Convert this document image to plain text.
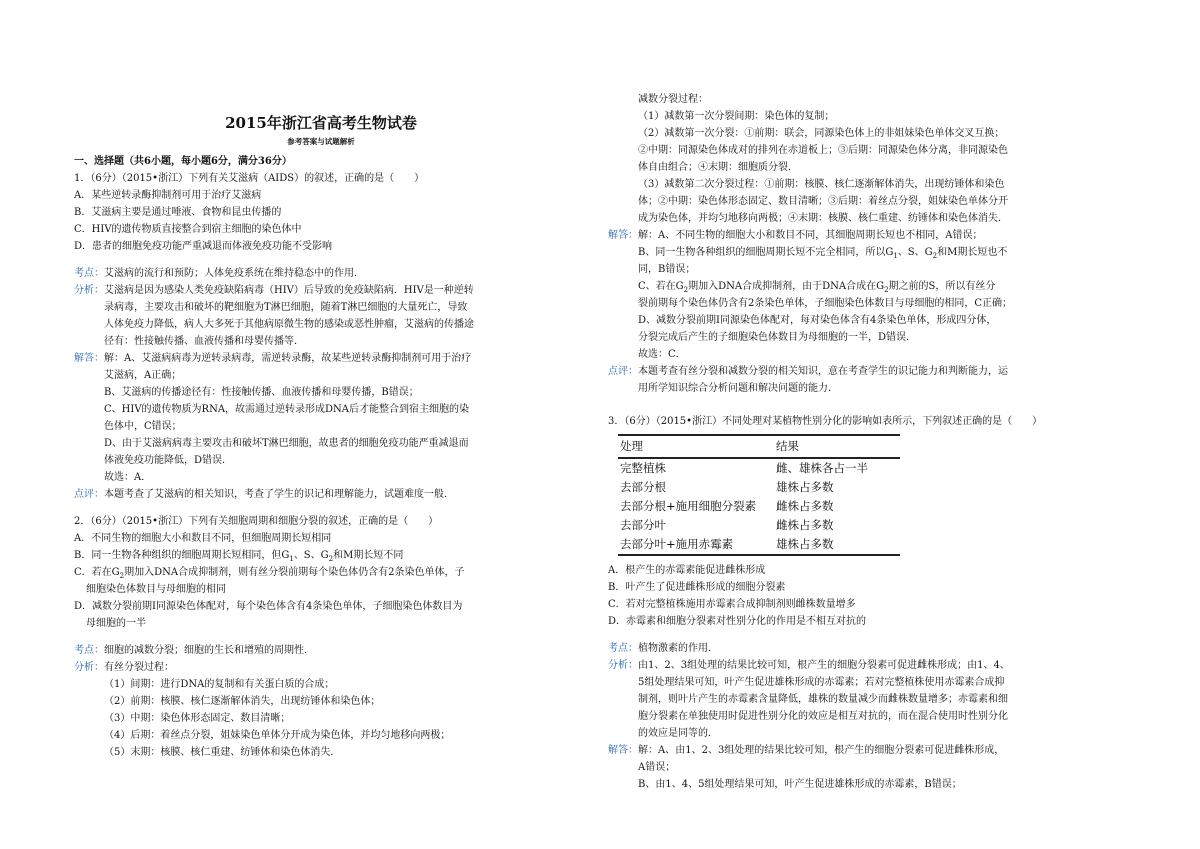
2015年浙江省高考生物试卷
参考答案与试题解析

一、选择题（共6小题，每小题6分，满分36分）

1．（6分）（2015•浙江）下列有关艾滋病（AIDS）的叙述，正确的是（　　）

A．某些逆转录酶抑制剂可用于治疗艾滋病

B．艾滋病主要是通过唾液、食物和昆虫传播的

C．HIV的遗传物质直接整合到宿主细胞的染色体中

D．患者的细胞免疫功能严重减退而体液免疫功能不受影响

考点：艾滋病的流行和预防；人体免疫系统在维持稳态中的作用．

分析：艾滋病是因为感染人类免疫缺陷病毒（HIV）后导致的免疫缺陷病．HIV是一种逆转

录病毒，主要攻击和破坏的靶细胞为T淋巴细胞，随着T淋巴细胞的大量死亡，导致

人体免疫力降低，病人大多死于其他病原微生物的感染或恶性肿瘤，艾滋病的传播途

径有：性接触传播、血液传播和母婴传播等．

解答：解：A、艾滋病病毒为逆转录病毒，需逆转录酶，故某些逆转录酶抑制剂可用于治疗

艾滋病，A正确；

B、艾滋病的传播途径有：性接触传播、血液传播和母婴传播，B错误；

C、HIV的遗传物质为RNA，故需通过逆转录形成DNA后才能整合到宿主细胞的染

色体中，C错误；

D、由于艾滋病病毒主要攻击和破坏T淋巴细胞，故患者的细胞免疫功能严重减退而

体液免疫功能降低，D错误．

故选：A．

点评：本题考查了艾滋病的相关知识，考查了学生的识记和理解能力，试题难度一般．

2．（6分）（2015•浙江）下列有关细胞周期和细胞分裂的叙述，正确的是（　　）

A．不同生物的细胞大小和数目不同，但细胞周期长短相同

B．同一生物各种组织的细胞周期长短相同，但$G_1$、S、$G_2$和M期长短不同

C．若在$G_2$期加入DNA合成抑制剂，则有丝分裂前期每个染色体仍含有2条染色单体，子

细胞染色体数目与母细胞的相同

D．减数分裂前期Ⅰ同源染色体配对，每个染色体含有4条染色单体，子细胞染色体数目为

母细胞的一半

考点：细胞的减数分裂；细胞的生长和增殖的周期性．

分析：有丝分裂过程：

（1）间期：进行DNA的复制和有关蛋白质的合成；

（2）前期：核膜、核仁逐渐解体消失，出现纺锤体和染色体；

（3）中期：染色体形态固定、数目清晰；

（4）后期：着丝点分裂，姐妹染色单体分开成为染色体，并均匀地移向两极；

（5）末期：核膜、核仁重建、纺锤体和染色体消失．

减数分裂过程：

（1）减数第一次分裂间期：染色体的复制；

（2）减数第一次分裂：①前期：联会，同源染色体上的非姐妹染色单体交叉互换；

②中期：同源染色体成对的排列在赤道板上；③后期：同源染色体分离，非同源染色

体自由组合；④末期：细胞质分裂．

（3）减数第二次分裂过程：①前期：核膜、核仁逐渐解体消失，出现纺锤体和染色

体；②中期：染色体形态固定、数目清晰；③后期：着丝点分裂，姐妹染色单体分开

成为染色体，并均匀地移向两极；④末期：核膜、核仁重建、纺锤体和染色体消失．

解答：解：A、不同生物的细胞大小和数目不同，其细胞周期长短也不相同，A错误；

B、同一生物各种组织的细胞周期长短不完全相同，所以$G_1$、S、$G_2$和M期长短也不

同，B错误；

C、若在$G_2$期加入DNA合成抑制剂，由于DNA合成在$G_2$期之前的S，所以有丝分

裂前期每个染色体仍含有2条染色单体，子细胞染色体数目与母细胞的相同，C正确；

D、减数分裂前期Ⅰ同源染色体配对，每对染色体含有4条染色单体，形成四分体，

分裂完成后产生的子细胞染色体数目为母细胞的一半，D错误．

故选：C．

点评：本题考查有丝分裂和减数分裂的相关知识，意在考查学生的识记能力和判断能力，运

用所学知识综合分析问题和解决问题的能力．

3．（6分）（2015•浙江）不同处理对某植物性别分化的影响如表所示，下列叙述正确的是（　　）

处理	结果
完整植株	雌、雄株各占一半
去部分根	雄株占多数
去部分根+施用细胞分裂素	雌株占多数
去部分叶	雌株占多数
去部分叶+施用赤霉素	雄株占多数

A．根产生的赤霉素能促进雌株形成

B．叶产生了促进雌株形成的细胞分裂素

C．若对完整植株施用赤霉素合成抑制剂则雌株数量增多

D．赤霉素和细胞分裂素对性别分化的作用是不相互对抗的

考点：植物激素的作用．

分析：由1、2、3组处理的结果比较可知，根产生的细胞分裂素可促进雌株形成；由1、4、

5组处理结果可知，叶产生促进雄株形成的赤霉素；若对完整植株使用赤霉素合成抑

制剂，则叶片产生的赤霉素含量降低，雄株的数量减少而雌株数量增多；赤霉素和细

胞分裂素在单独使用时促进性别分化的效应是相互对抗的，而在混合使用时性别分化

的效应是同等的．

解答：解：A、由1、2、3组处理的结果比较可知，根产生的细胞分裂素可促进雌株形成，

A错误；

B、由1、4、5组处理结果可知，叶产生促进雄株形成的赤霉素，B错误；
